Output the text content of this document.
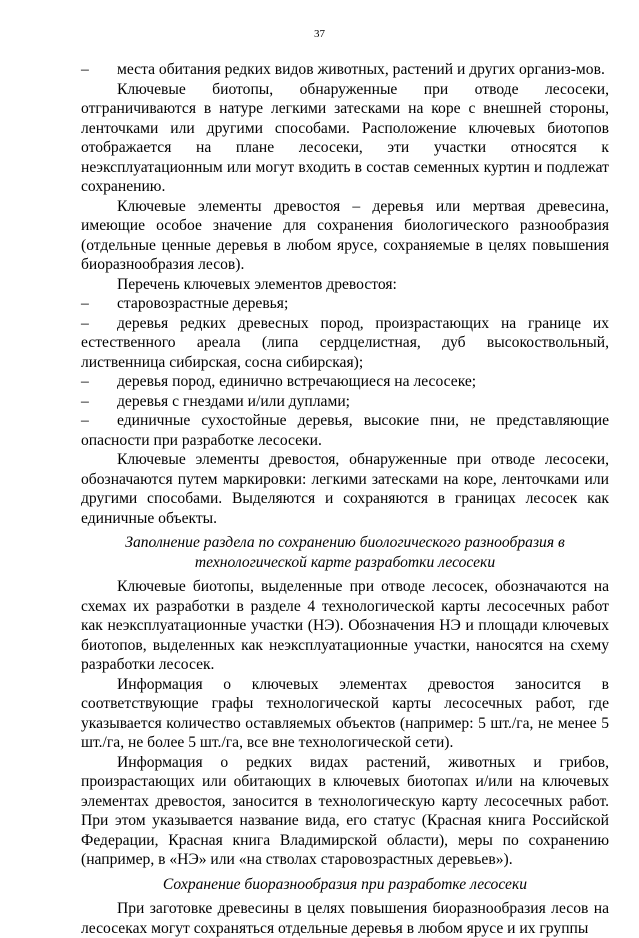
37

– места обитания редких видов животных, растений и других организ-мов.

Ключевые биотопы, обнаруженные при отводе лесосеки, отграничиваются в натуре легкими затесками на коре с внешней стороны, ленточками или другими способами. Расположение ключевых биотопов отображается на плане лесосеки, эти участки относятся к неэксплуатационным или могут входить в состав семенных куртин и подлежат сохранению.

Ключевые элементы древостоя – деревья или мертвая древесина, имеющие особое значение для сохранения биологического разнообразия (отдельные ценные деревья в любом ярусе, сохраняемые в целях повышения биоразнообразия лесов).

Перечень ключевых элементов древостоя:

– старовозрастные деревья;

– деревья редких древесных пород, произрастающих на границе их естественного ареала (липа сердцелистная, дуб высокоствольный, лиственница сибирская, сосна сибирская);

– деревья пород, единично встречающиеся на лесосеке;

– деревья с гнездами и/или дуплами;

– единичные сухостойные деревья, высокие пни, не представляющие опасности при разработке лесосеки.

Ключевые элементы древостоя, обнаруженные при отводе лесосеки, обозначаются путем маркировки: легкими затесками на коре, ленточками или другими способами. Выделяются и сохраняются в границах лесосек как единичные объекты.

Заполнение раздела по сохранению биологического разнообразия в технологической карте разработки лесосеки

Ключевые биотопы, выделенные при отводе лесосек, обозначаются на схемах их разработки в разделе 4 технологической карты лесосечных работ как неэксплуатационные участки (НЭ). Обозначения НЭ и площади ключевых биотопов, выделенных как неэксплуатационные участки, наносятся на схему разработки лесосек.

Информация о ключевых элементах древостоя заносится в соответствующие графы технологической карты лесосечных работ, где указывается количество оставляемых объектов (например: 5 шт./га, не менее 5 шт./га, не более 5 шт./га, все вне технологической сети).

Информация о редких видах растений, животных и грибов, произрастающих или обитающих в ключевых биотопах и/или на ключевых элементах древостоя, заносится в технологическую карту лесосечных работ. При этом указывается название вида, его статус (Красная книга Российской Федерации, Красная книга Владимирской области), меры по сохранению (например, в «НЭ» или «на стволах старовозрастных деревьев»).

Сохранение биоразнообразия при разработке лесосеки

При заготовке древесины в целях повышения биоразнообразия лесов на лесосеках могут сохраняться отдельные деревья в любом ярусе и их группы
